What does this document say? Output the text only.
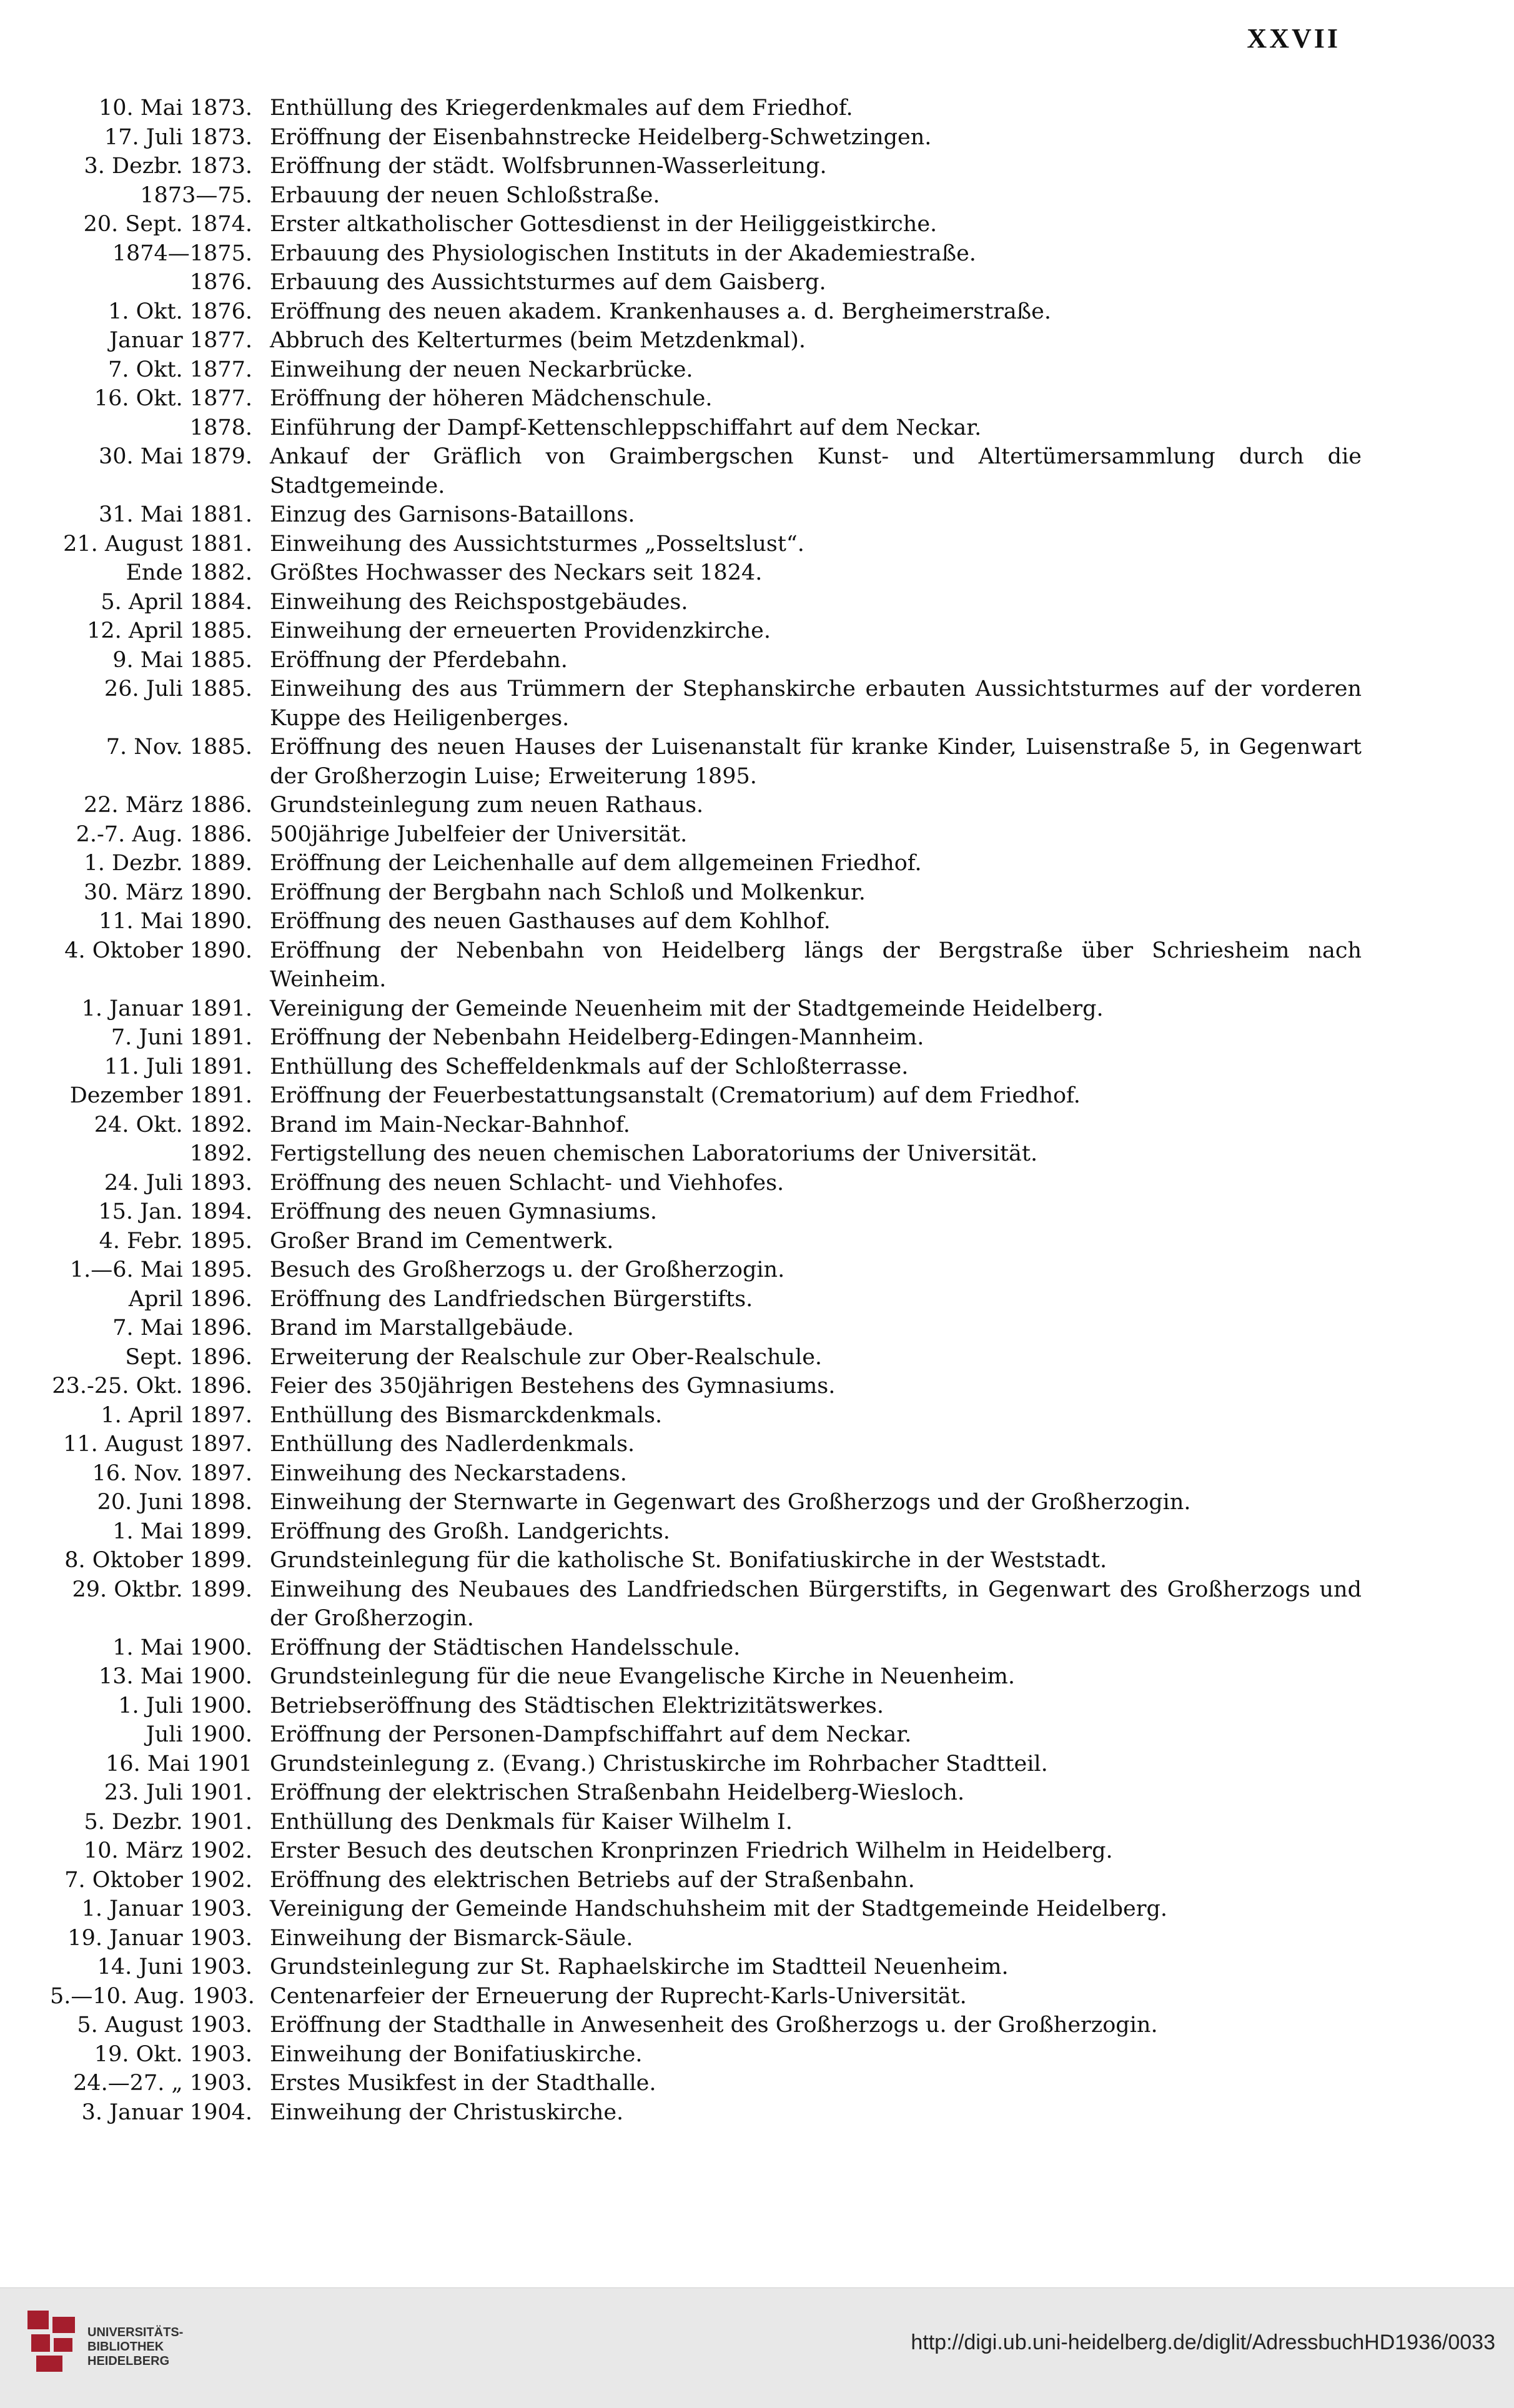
XXVII
10. Mai 1873. Enthüllung des Kriegerdenkmales auf dem Friedhof.
17. Juli 1873. Eröffnung der Eisenbahnstrecke Heidelberg-Schwetzingen.
3. Dezbr. 1873. Eröffnung der städt. Wolfsbrunnen-Wasserleitung.
1873—75. Erbauung der neuen Schloßstraße.
20. Sept. 1874. Erster altkatholischer Gottesdienst in der Heiliggeistkirche.
1874—1875. Erbauung des Physiologischen Instituts in der Akademiestraße.
1876. Erbauung des Aussichtsturmes auf dem Gaisberg.
1. Okt. 1876. Eröffnung des neuen akadem. Krankenhauses a. d. Bergheimerstraße.
Januar 1877. Abbruch des Kelterturmes (beim Metzdenkmal).
7. Okt. 1877. Einweihung der neuen Neckarbrücke.
16. Okt. 1877. Eröffnung der höheren Mädchenschule.
1878. Einführung der Dampf-Kettenschleppschiffahrt auf dem Neckar.
30. Mai 1879. Ankauf der Gräflich von Graimbergschen Kunst- und Altertümersammlung durch die Stadtgemeinde.
31. Mai 1881. Einzug des Garnisons-Bataillons.
21. August 1881. Einweihung des Aussichtsturmes „Posseltslust“.
Ende 1882. Größtes Hochwasser des Neckars seit 1824.
5. April 1884. Einweihung des Reichspostgebäudes.
12. April 1885. Einweihung der erneuerten Providenzkirche.
9. Mai 1885. Eröffnung der Pferdebahn.
26. Juli 1885. Einweihung des aus Trümmern der Stephanskirche erbauten Aussichtsturmes auf der vorderen Kuppe des Heiligenberges.
7. Nov. 1885. Eröffnung des neuen Hauses der Luisenanstalt für kranke Kinder, Luisenstraße 5, in Gegenwart der Großherzogin Luise; Erweiterung 1895.
22. März 1886. Grundsteinlegung zum neuen Rathaus.
2.-7. Aug. 1886. 500jährige Jubelfeier der Universität.
1. Dezbr. 1889. Eröffnung der Leichenhalle auf dem allgemeinen Friedhof.
30. März 1890. Eröffnung der Bergbahn nach Schloß und Molkenkur.
11. Mai 1890. Eröffnung des neuen Gasthauses auf dem Kohlhof.
4. Oktober 1890. Eröffnung der Nebenbahn von Heidelberg längs der Bergstraße über Schriesheim nach Weinheim.
1. Januar 1891. Vereinigung der Gemeinde Neuenheim mit der Stadtgemeinde Heidelberg.
7. Juni 1891. Eröffnung der Nebenbahn Heidelberg-Edingen-Mannheim.
11. Juli 1891. Enthüllung des Scheffeldenkmals auf der Schloßterrasse.
Dezember 1891. Eröffnung der Feuerbestattungsanstalt (Crematorium) auf dem Friedhof.
24. Okt. 1892. Brand im Main-Neckar-Bahnhof.
1892. Fertigstellung des neuen chemischen Laboratoriums der Universität.
24. Juli 1893. Eröffnung des neuen Schlacht- und Viehhofes.
15. Jan. 1894. Eröffnung des neuen Gymnasiums.
4. Febr. 1895. Großer Brand im Cementwerk.
1.—6. Mai 1895. Besuch des Großherzogs u. der Großherzogin.
April 1896. Eröffnung des Landfriedschen Bürgerstifts.
7. Mai 1896. Brand im Marstallgebäude.
Sept. 1896. Erweiterung der Realschule zur Ober-Realschule.
23.-25. Okt. 1896. Feier des 350jährigen Bestehens des Gymnasiums.
1. April 1897. Enthüllung des Bismarckdenkmals.
11. August 1897. Enthüllung des Nadlerdenkmals.
16. Nov. 1897. Einweihung des Neckarstadens.
20. Juni 1898. Einweihung der Sternwarte in Gegenwart des Großherzogs und der Großherzogin.
1. Mai 1899. Eröffnung des Großh. Landgerichts.
8. Oktober 1899. Grundsteinlegung für die katholische St. Bonifatiuskirche in der Weststadt.
29. Oktbr. 1899. Einweihung des Neubaues des Landfriedschen Bürgerstifts, in Gegenwart des Großherzogs und der Großherzogin.
1. Mai 1900. Eröffnung der Städtischen Handelsschule.
13. Mai 1900. Grundsteinlegung für die neue Evangelische Kirche in Neuenheim.
1. Juli 1900. Betriebseröffnung des Städtischen Elektrizitätswerkes.
Juli 1900. Eröffnung der Personen-Dampfschiffahrt auf dem Neckar.
16. Mai 1901 Grundsteinlegung z. (Evang.) Christuskirche im Rohrbacher Stadtteil.
23. Juli 1901. Eröffnung der elektrischen Straßenbahn Heidelberg-Wiesloch.
5. Dezbr. 1901. Enthüllung des Denkmals für Kaiser Wilhelm I.
10. März 1902. Erster Besuch des deutschen Kronprinzen Friedrich Wilhelm in Heidelberg.
7. Oktober 1902. Eröffnung des elektrischen Betriebs auf der Straßenbahn.
1. Januar 1903. Vereinigung der Gemeinde Handschuhsheim mit der Stadtgemeinde Heidelberg.
19. Januar 1903. Einweihung der Bismarck-Säule.
14. Juni 1903. Grundsteinlegung zur St. Raphaelskirche im Stadtteil Neuenheim.
5.—10. Aug. 1903. Centenarfeier der Erneuerung der Ruprecht-Karls-Universität.
5. August 1903. Eröffnung der Stadthalle in Anwesenheit des Großherzogs u. der Großherzogin.
19. Okt. 1903. Einweihung der Bonifatiuskirche.
24.—27. „ 1903. Erstes Musikfest in der Stadthalle.
3. Januar 1904. Einweihung der Christuskirche.
UNIVERSITÄTS-
BIBLIOTHEK
HEIDELBERG
http://digi.ub.uni-heidelberg.de/diglit/AdressbuchHD1936/0033
